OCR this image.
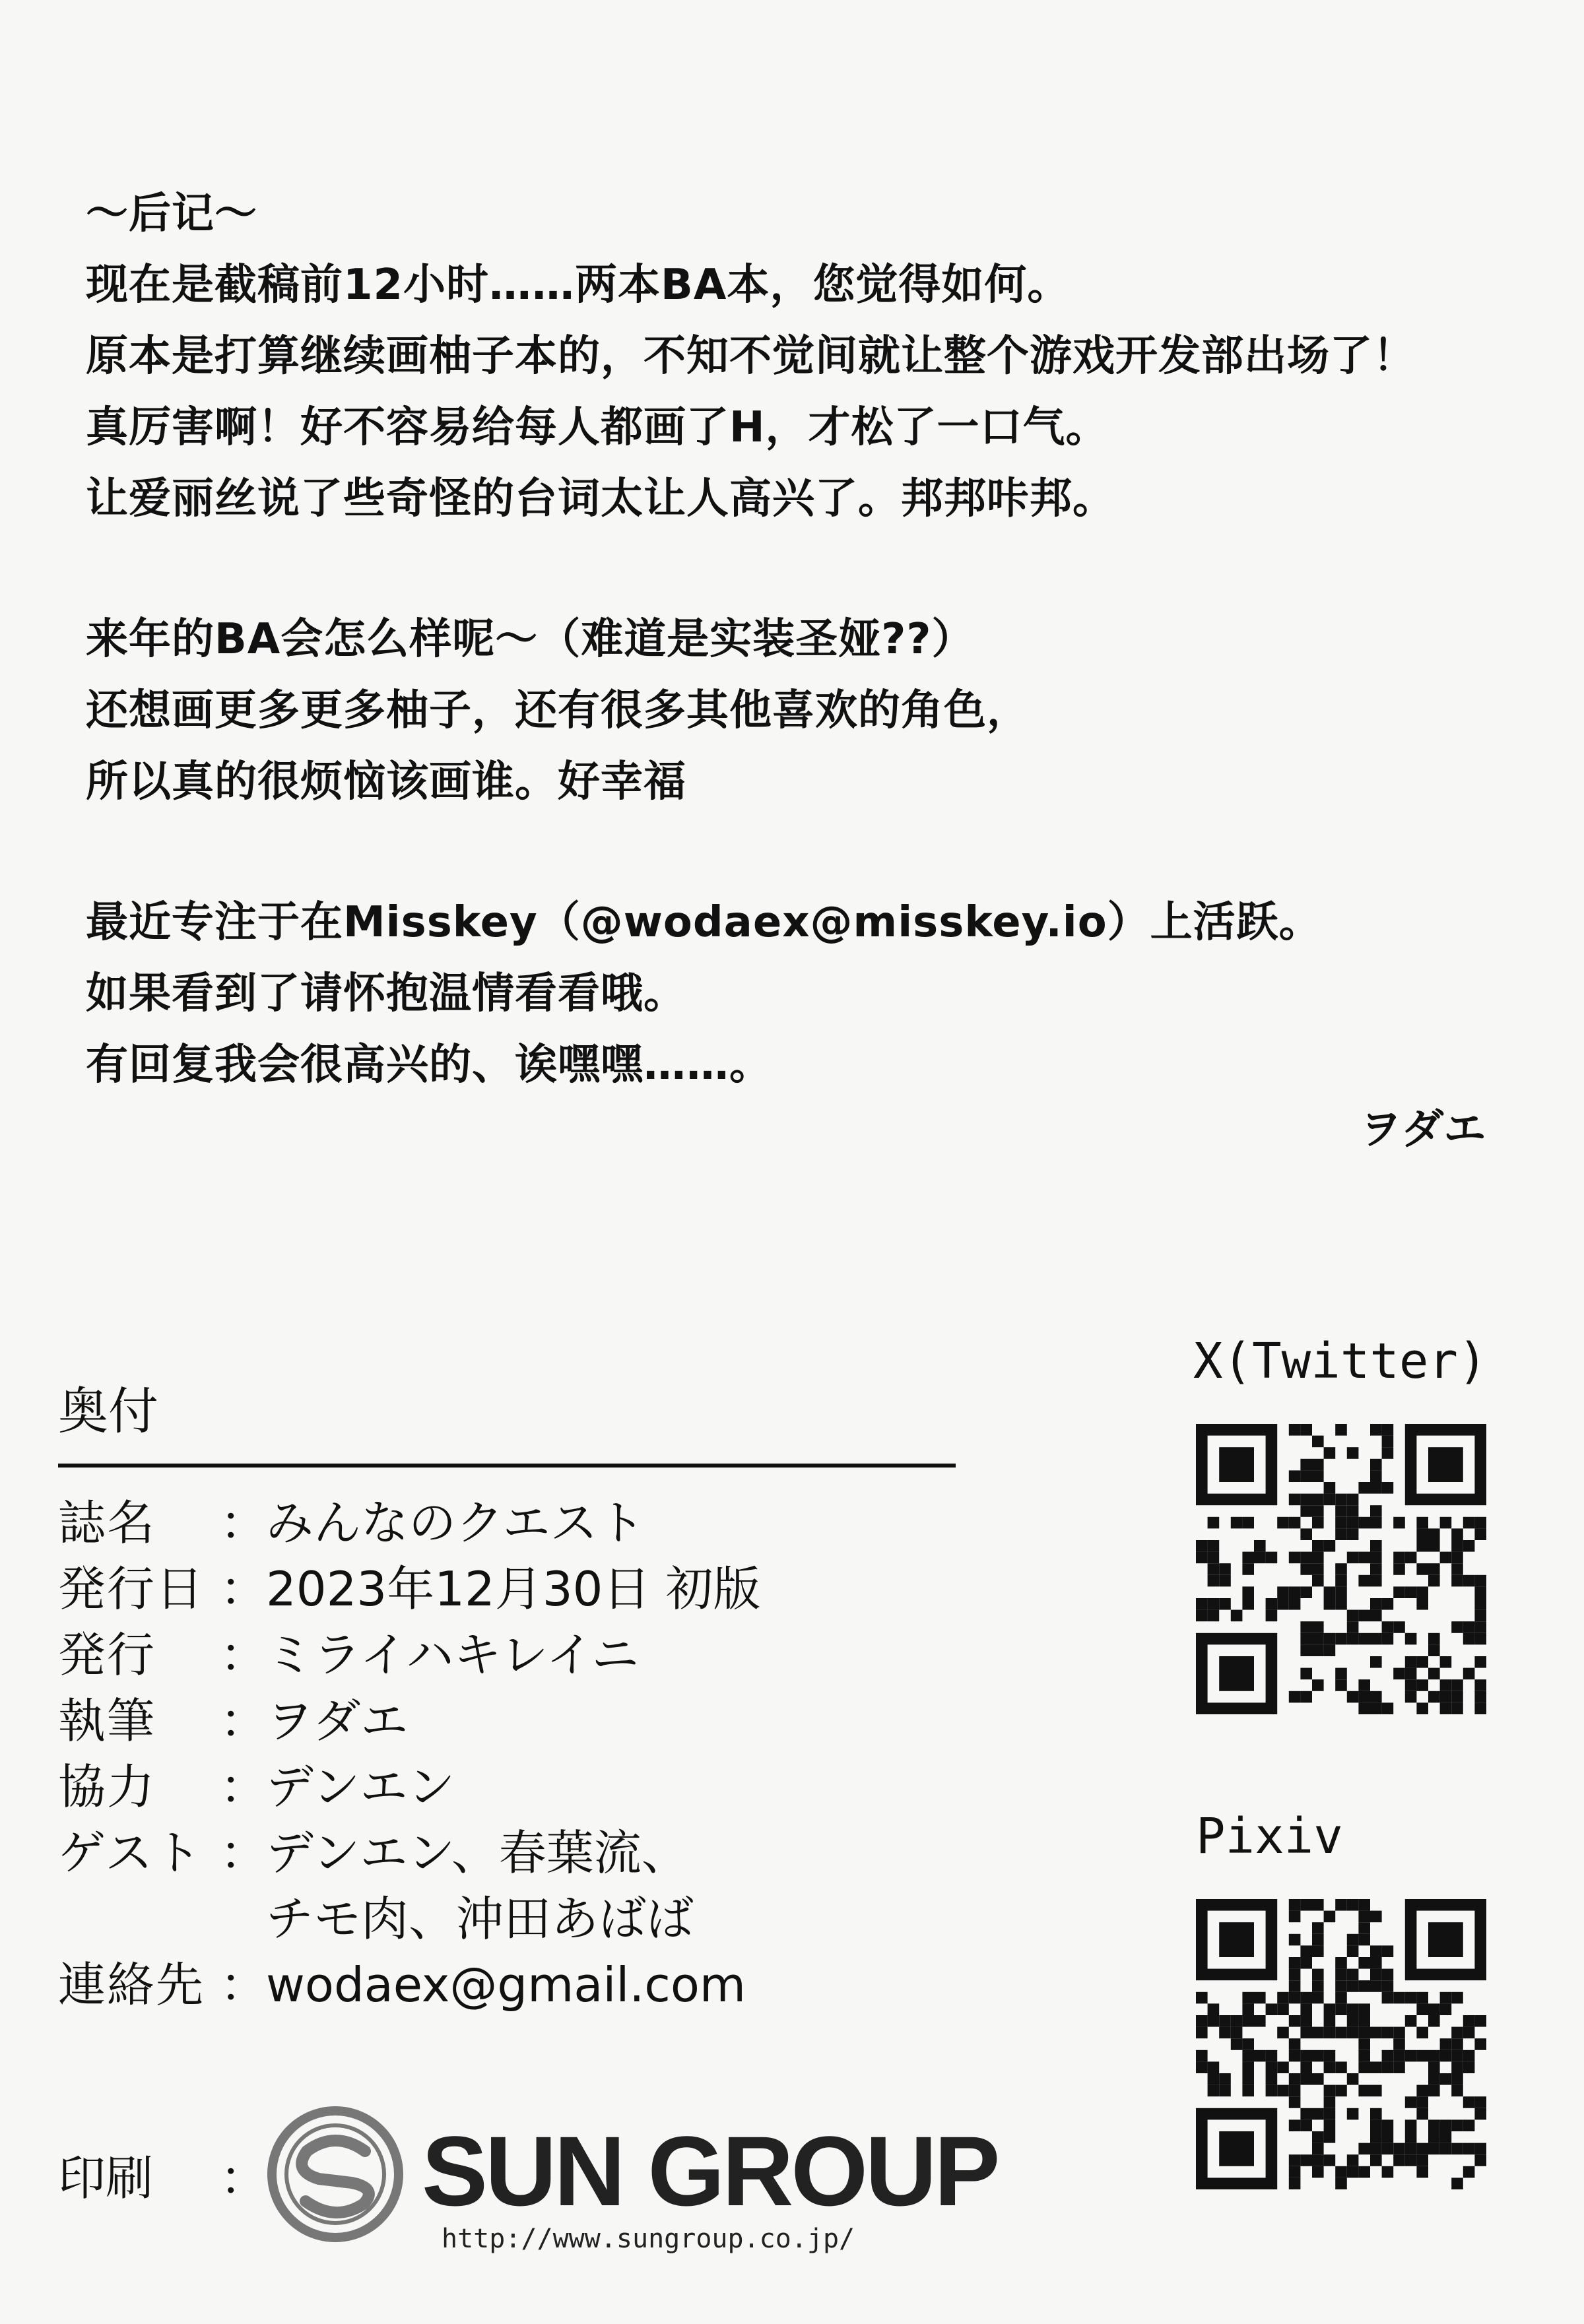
〜后记〜
现在是截稿前12小时……两本BA本，您觉得如何。
原本是打算继续画柚子本的，不知不觉间就让整个游戏开发部出场了！
真厉害啊！好不容易给每人都画了H，才松了一口气。
让爱丽丝说了些奇怪的台词太让人高兴了。邦邦咔邦。
来年的BA会怎么样呢〜（难道是实装圣娅??）
还想画更多更多柚子，还有很多其他喜欢的角色，
所以真的很烦恼该画谁。好幸福
最近专注于在Misskey（@wodaex@misskey.io）上活跃。
如果看到了请怀抱温情看看哦。
有回复我会很高兴的、诶嘿嘿……。
ヲダエ
奥付
誌名	：
みんなのクエスト
発行日 ：
2023年12月30日 初版
発行	：
ミライハキレイニ
執筆	：
ヲダエ
協力	：
デンエン
ゲスト ：
デンエン、春葉流、
チモ肉、沖田あばば
連絡先 ：
wodaex@gmail.com
印刷	： SUN GROUP
http://www.sungroup.co.jp/
X(Twitter)
Pixiv
